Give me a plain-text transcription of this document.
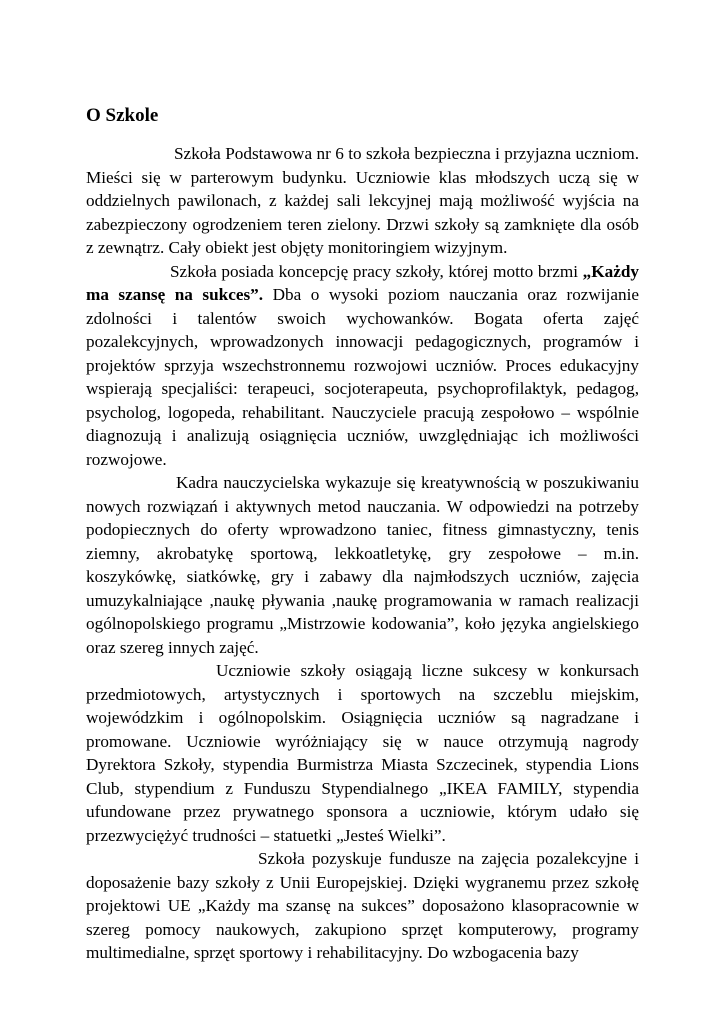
O Szkole

Szkoła Podstawowa nr 6 to szkoła bezpieczna i przyjazna uczniom. Mieści się w parterowym budynku. Uczniowie klas młodszych uczą się w oddzielnych pawilonach, z każdej sali lekcyjnej mają możliwość wyjścia na zabezpieczony ogrodzeniem teren zielony. Drzwi szkoły są zamknięte dla osób z zewnątrz. Cały obiekt jest objęty monitoringiem wizyjnym.

Szkoła posiada koncepcję pracy szkoły, której motto brzmi „Każdy ma szansę na sukces”. Dba o wysoki poziom nauczania oraz rozwijanie zdolności i talentów swoich wychowanków. Bogata oferta zajęć pozalekcyjnych, wprowadzonych innowacji pedagogicznych, programów i projektów sprzyja wszechstronnemu rozwojowi uczniów. Proces edukacyjny wspierają specjaliści: terapeuci, socjoterapeuta, psychoprofilaktyk, pedagog, psycholog, logopeda, rehabilitant. Nauczyciele pracują zespołowo – wspólnie diagnozują i analizują osiągnięcia uczniów, uwzględniając ich możliwości rozwojowe.

Kadra nauczycielska wykazuje się kreatywnością w poszukiwaniu nowych rozwiązań i aktywnych metod nauczania. W odpowiedzi na potrzeby podopiecznych do oferty wprowadzono taniec, fitness gimnastyczny, tenis ziemny, akrobatykę sportową, lekkoatletykę, gry zespołowe – m.in. koszykówkę, siatkówkę, gry i zabawy dla najmłodszych uczniów, zajęcia umuzykalniające ,naukę pływania ,naukę programowania w ramach realizacji ogólnopolskiego programu „Mistrzowie kodowania”, koło języka angielskiego oraz szereg innych zajęć.

Uczniowie szkoły osiągają liczne sukcesy w konkursach przedmiotowych, artystycznych i sportowych na szczeblu miejskim, wojewódzkim i ogólnopolskim. Osiągnięcia uczniów są nagradzane i promowane. Uczniowie wyróżniający się w nauce otrzymują nagrody Dyrektora Szkoły, stypendia Burmistrza Miasta Szczecinek, stypendia Lions Club, stypendium z Funduszu Stypendialnego „IKEA FAMILY, stypendia ufundowane przez prywatnego sponsora a uczniowie, którym udało się przezwyciężyć trudności – statuetki „Jesteś Wielki”.

Szkoła pozyskuje fundusze na zajęcia pozalekcyjne i doposażenie bazy szkoły z Unii Europejskiej. Dzięki wygranemu przez szkołę projektowi UE „Każdy ma szansę na sukces” doposażono klasopracownie w szereg pomocy naukowych, zakupiono sprzęt komputerowy, programy multimedialne, sprzęt sportowy i rehabilitacyjny. Do wzbogacenia bazy
